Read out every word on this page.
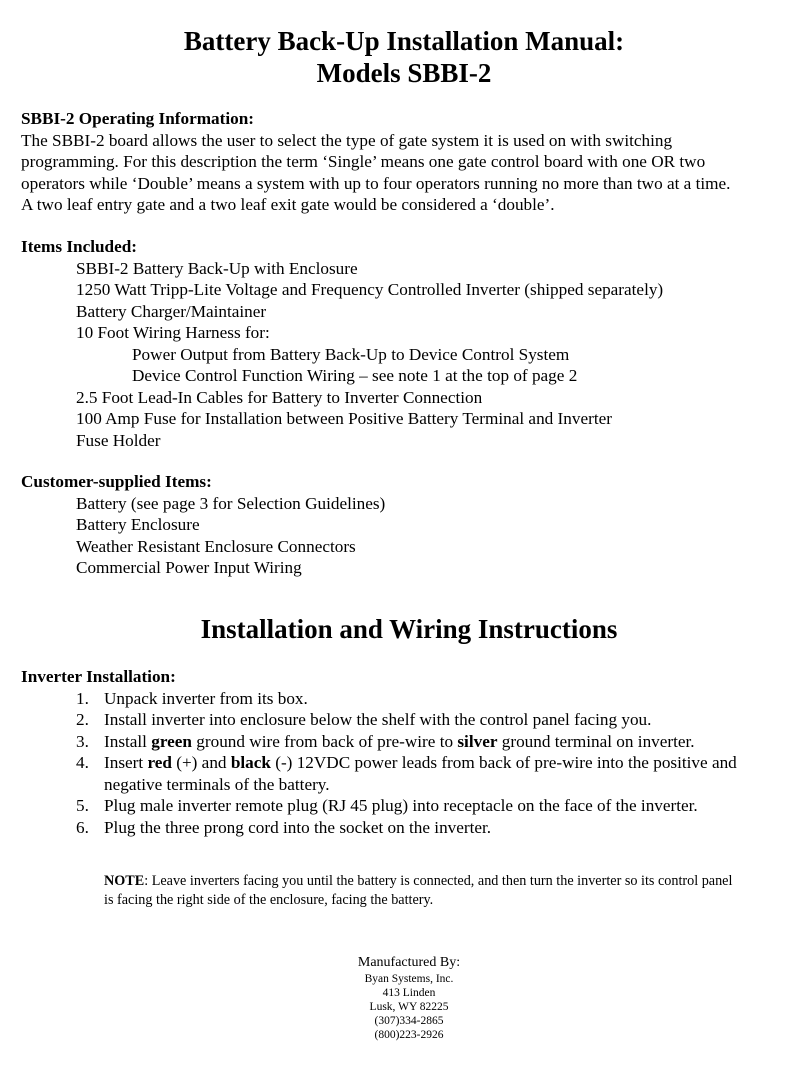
Battery Back-Up Installation Manual:
Models SBBI-2
SBBI-2 Operating Information:
The SBBI-2 board allows the user to select the type of gate system it is used on with switching
programming. For this description the term ‘Single’ means one gate control board with one OR two
operators while ‘Double’ means a system with up to four operators running no more than two at a time.
A two leaf entry gate and a two leaf exit gate would be considered a ‘double’.
Items Included:
SBBI-2 Battery Back-Up with Enclosure
1250 Watt Tripp-Lite Voltage and Frequency Controlled Inverter (shipped separately)
Battery Charger/Maintainer
10 Foot Wiring Harness for:
Power Output from Battery Back-Up to Device Control System
Device Control Function Wiring – see note 1 at the top of page 2
2.5 Foot Lead-In Cables for Battery to Inverter Connection
100 Amp Fuse for Installation between Positive Battery Terminal and Inverter
Fuse Holder
Customer-supplied Items:
Battery (see page 3 for Selection Guidelines)
Battery Enclosure
Weather Resistant Enclosure Connectors
Commercial Power Input Wiring
Installation and Wiring Instructions
Inverter Installation:
1. Unpack inverter from its box.
2. Install inverter into enclosure below the shelf with the control panel facing you.
3. Install green ground wire from back of pre-wire to silver ground terminal on inverter.
4. Insert red (+) and black (-) 12VDC power leads from back of pre-wire into the positive and
negative terminals of the battery.
5. Plug male inverter remote plug (RJ 45 plug) into receptacle on the face of the inverter.
6. Plug the three prong cord into the socket on the inverter.
NOTE: Leave inverters facing you until the battery is connected, and then turn the inverter so its control panel
is facing the right side of the enclosure, facing the battery.
Manufactured By:
Byan Systems, Inc.
413 Linden
Lusk, WY 82225
(307)334-2865
(800)223-2926
